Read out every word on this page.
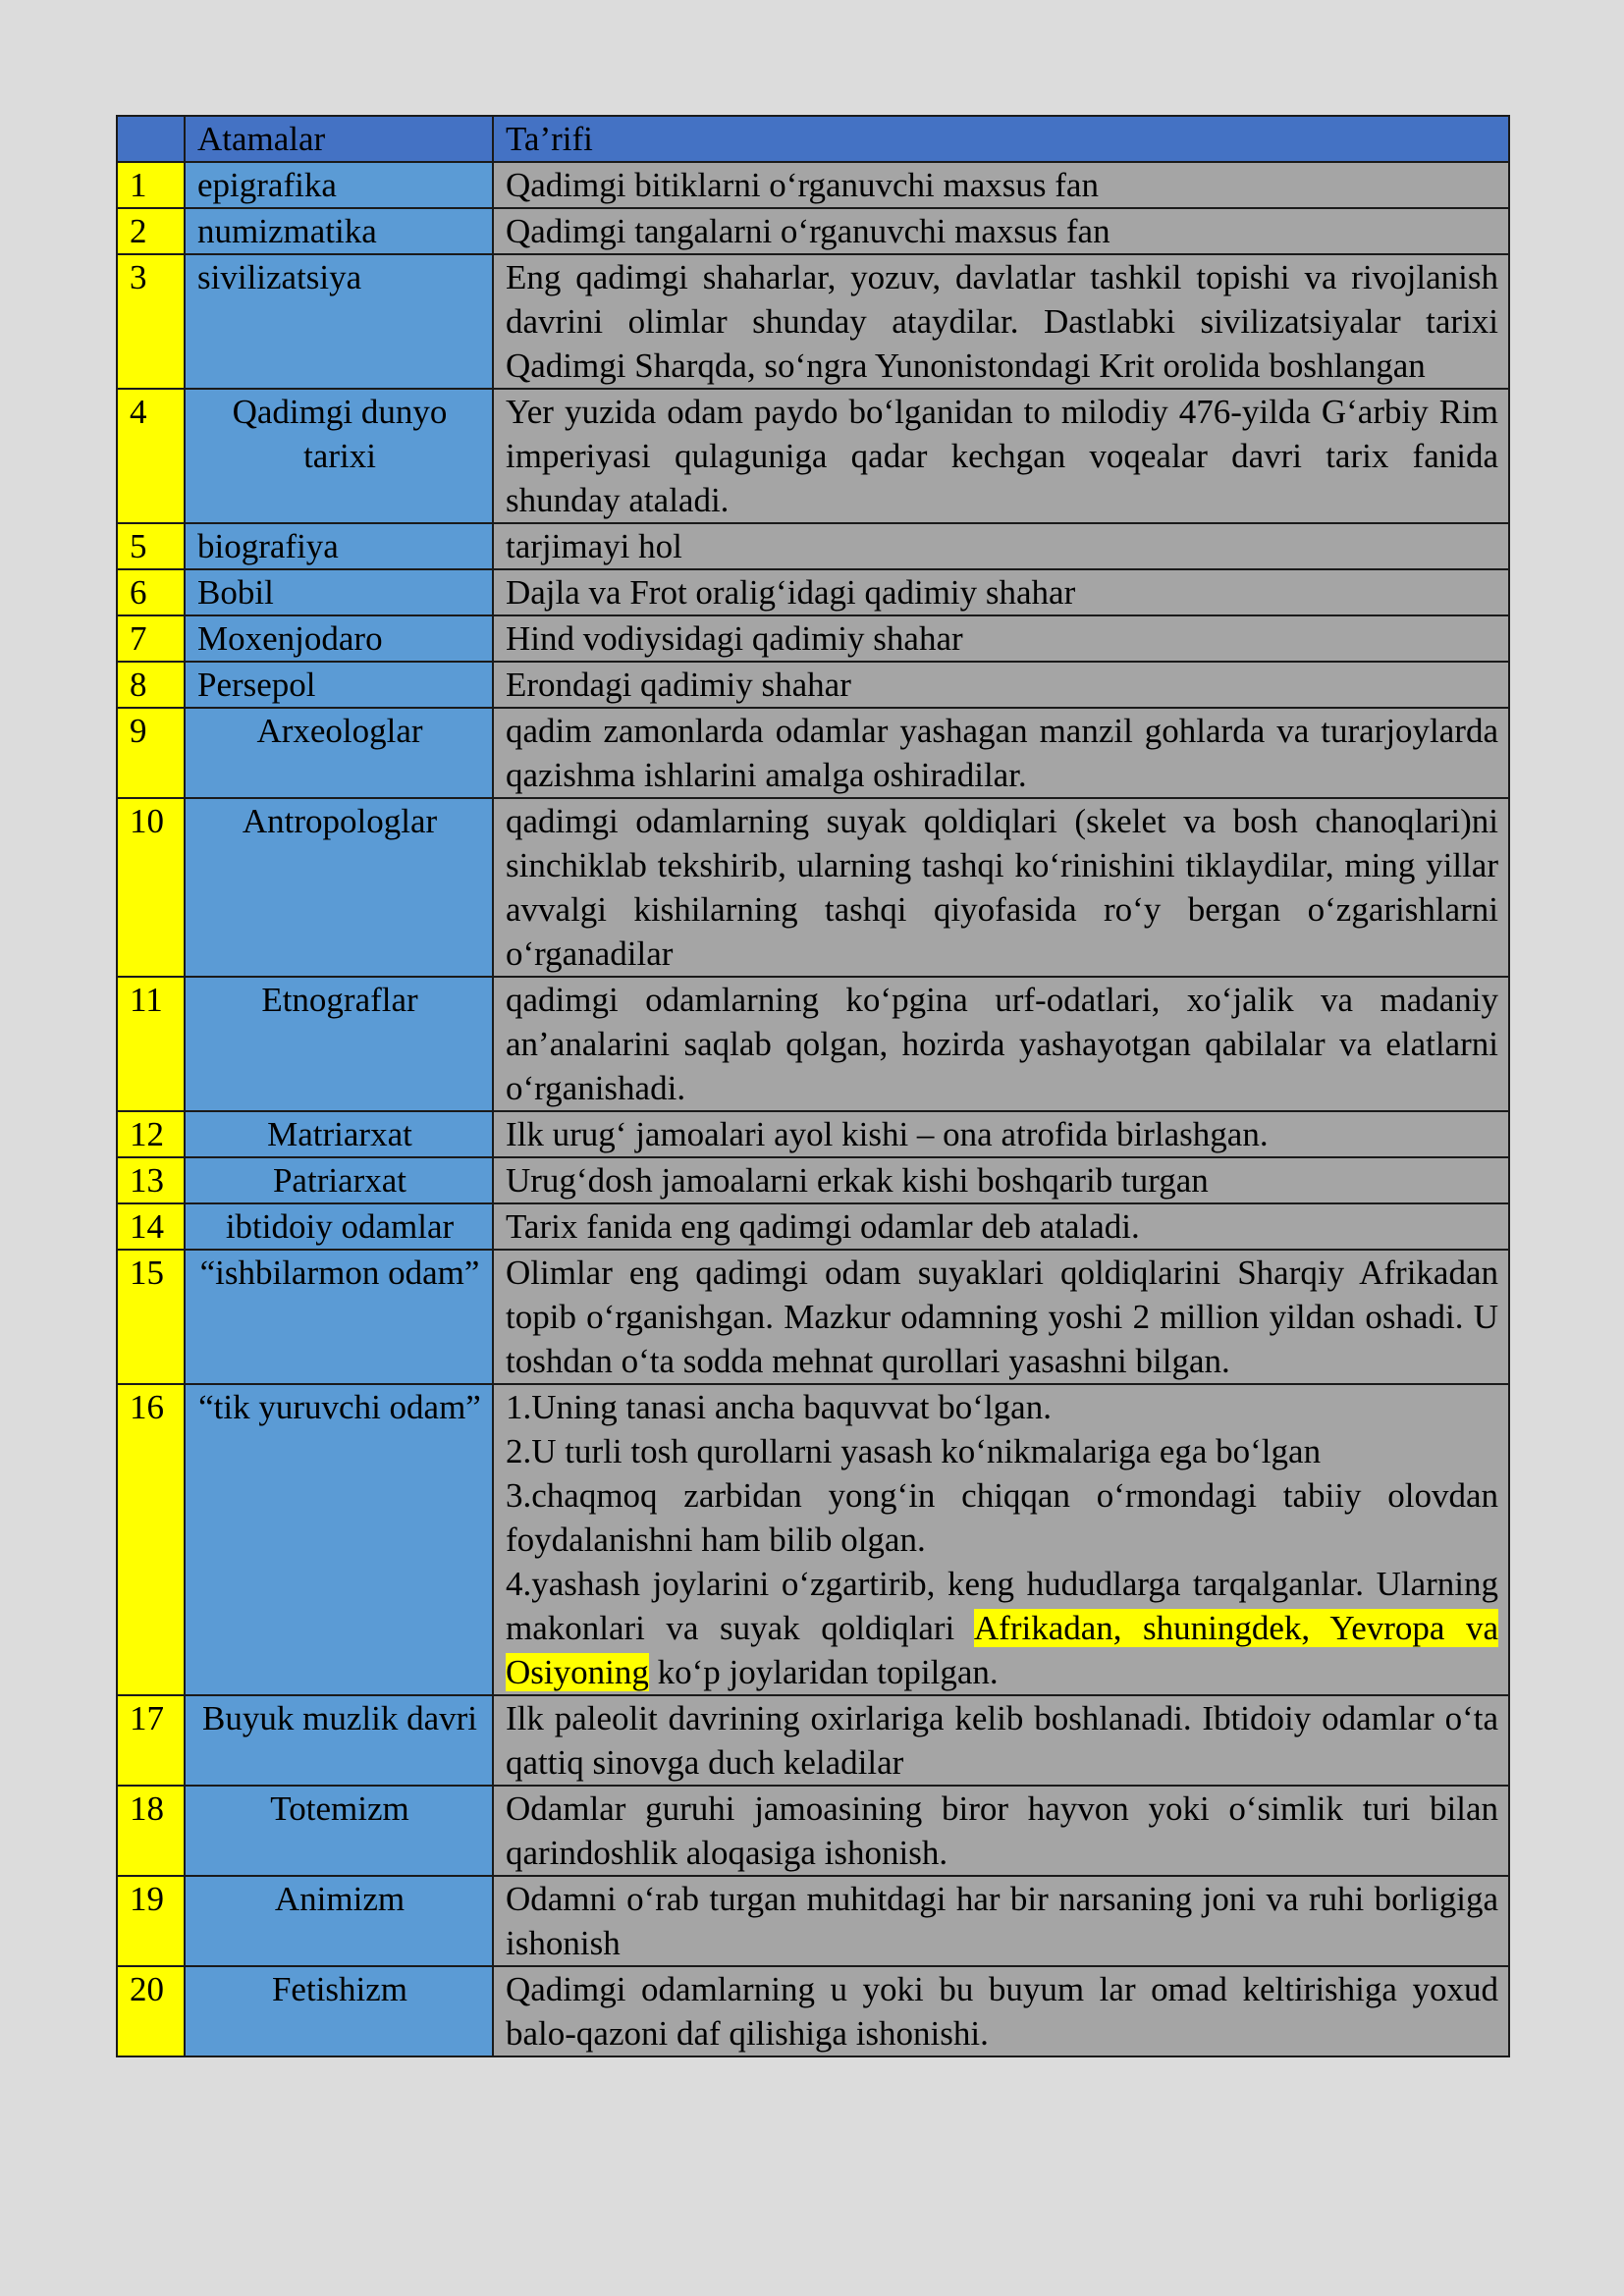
	Atamalar	Ta’rifi
1	epigrafika	Qadimgi bitiklarni o‘rganuvchi maxsus fan
2	numizmatika	Qadimgi tangalarni o‘rganuvchi maxsus fan
3	sivilizatsiya	Eng qadimgi shaharlar, yozuv, davlatlar tashkil topishi va rivojlanish davrini olimlar shunday ataydilar. Dastlabki sivilizatsiyalar tarixi Qadimgi Sharqda, so‘ngra Yunonistondagi Krit orolida boshlangan
4	Qadimgi dunyo tarixi	Yer yuzida odam paydo bo‘lganidan to milodiy 476-yilda G‘arbiy Rim imperiyasi qulaguniga qadar kechgan voqealar davri tarix fanida shunday ataladi.
5	biografiya	tarjimayi hol
6	Bobil	Dajla va Frot oralig‘idagi qadimiy shahar
7	Moxenjodaro	Hind vodiysidagi qadimiy shahar
8	Persepol	Erondagi qadimiy shahar
9	Arxeologlar	qadim zamonlarda odamlar yashagan manzil gohlarda va turarjoylarda qazishma ishlarini amalga oshiradilar.
10	Antropologlar	qadimgi odamlarning suyak qoldiqlari (skelet va bosh chanoqlari)ni sinchiklab tekshirib, ularning tashqi ko‘rinishini tiklaydilar, ming yillar avvalgi kishilarning tashqi qiyofasida ro‘y bergan o‘zgarishlarni o‘rganadilar
11	Etnograflar	qadimgi odamlarning ko‘pgina urf-odatlari, xo‘jalik va madaniy an’analarini saqlab qolgan, hozirda yashayotgan qabilalar va elatlarni o‘rganishadi.
12	Matriarxat	Ilk urug‘ jamoalari ayol kishi – ona atrofida birlashgan.
13	Patriarxat	Urug‘dosh jamoalarni erkak kishi boshqarib turgan
14	ibtidoiy odamlar	Tarix fanida eng qadimgi odamlar deb ataladi.
15	“ishbilarmon odam”	Olimlar eng qadimgi odam suyaklari qoldiqlarini Sharqiy Afrikadan topib o‘rganishgan. Mazkur odamning yoshi 2 million yildan oshadi. U toshdan o‘ta sodda mehnat qurollari yasashni bilgan.
16	“tik yuruvchi odam”	1.Uning tanasi ancha baquvvat bo‘lgan.
2.U turli tosh qurollarni yasash ko‘nikmalariga ega bo‘lgan
3.chaqmoq zarbidan yong‘in chiqqan o‘rmondagi tabiiy olovdan foydalanishni ham bilib olgan.
4.yashash joylarini o‘zgartirib, keng hududlarga tarqalganlar. Ularning makonlari va suyak qoldiqlari Afrikadan, shuningdek, Yevropa va Osiyoning ko‘p joylaridan topilgan.

17	Buyuk muzlik davri	Ilk paleolit davrining oxirlariga kelib boshlanadi. Ibtidoiy odamlar o‘ta qattiq sinovga duch keladilar
18	Totemizm	Odamlar guruhi jamoasining biror hayvon yoki o‘simlik turi bilan qarindoshlik aloqasiga ishonish.
19	Animizm	Odamni o‘rab turgan muhitdagi har bir narsaning joni va ruhi borligiga ishonish
20	Fetishizm	Qadimgi odamlarning u yoki bu buyum lar omad keltirishiga yoxud balo-qazoni daf qilishiga ishonishi.
